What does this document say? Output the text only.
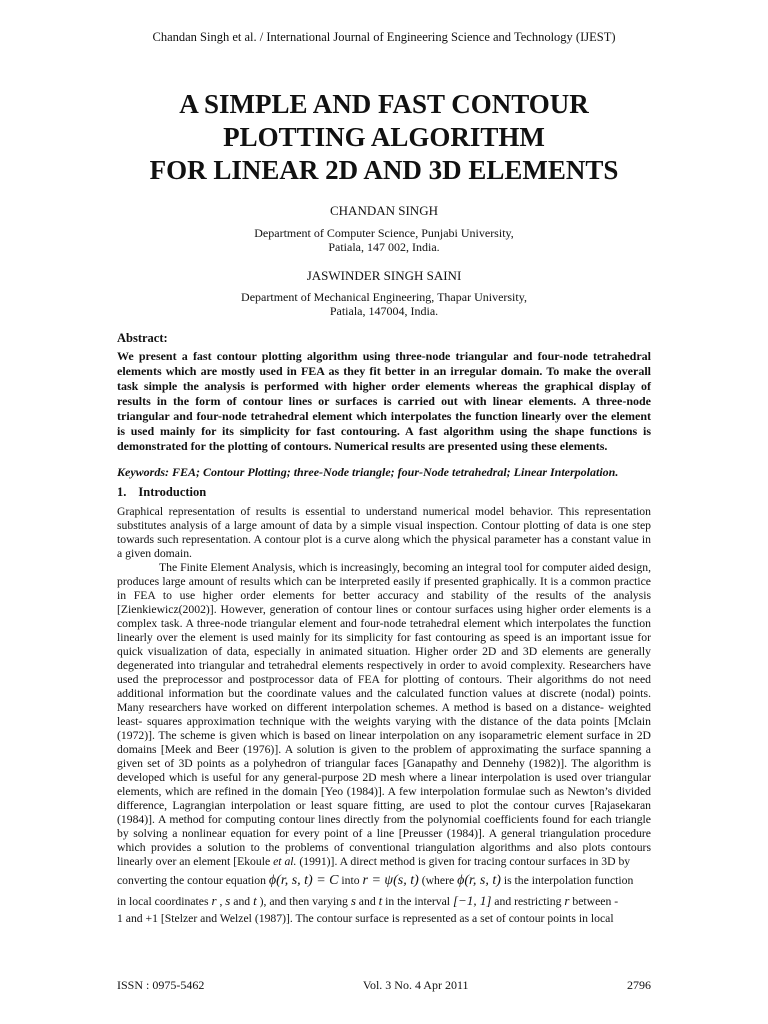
Chandan Singh et al. / International Journal of Engineering Science and Technology (IJEST)
A SIMPLE AND FAST CONTOUR
PLOTTING ALGORITHM
FOR LINEAR 2D AND 3D ELEMENTS
CHANDAN SINGH
Department of Computer Science, Punjabi University,
Patiala, 147 002, India.
JASWINDER SINGH SAINI
Department of Mechanical Engineering, Thapar University,
Patiala, 147004, India.
Abstract:
We present a fast contour plotting algorithm using three-node triangular and four-node tetrahedral elements which are mostly used in FEA as they fit better in an irregular domain. To make the overall task simple the analysis is performed with higher order elements whereas the graphical display of results in the form of contour lines or surfaces is carried out with linear elements. A three-node triangular and four-node tetrahedral element which interpolates the function linearly over the element is used mainly for its simplicity for fast contouring. A fast algorithm using the shape functions is demonstrated for the plotting of contours. Numerical results are presented using these elements.
Keywords: FEA; Contour Plotting; three-Node triangle; four-Node tetrahedral; Linear Interpolation.
1. Introduction
Graphical representation of results is essential to understand numerical model behavior. This representation substitutes analysis of a large amount of data by a simple visual inspection. Contour plotting of data is one step towards such representation. A contour plot is a curve along which the physical parameter has a constant value in a given domain.
The Finite Element Analysis, which is increasingly, becoming an integral tool for computer aided design, produces large amount of results which can be interpreted easily if presented graphically. It is a common practice in FEA to use higher order elements for better accuracy and stability of the results of the analysis [Zienkiewicz(2002)]. However, generation of contour lines or contour surfaces using higher order elements is a complex task. A three-node triangular element and four-node tetrahedral element which interpolates the function linearly over the element is used mainly for its simplicity for fast contouring as speed is an important issue for quick visualization of data, especially in animated situation. Higher order 2D and 3D elements are generally degenerated into triangular and tetrahedral elements respectively in order to avoid complexity. Researchers have used the preprocessor and postprocessor data of FEA for plotting of contours. Their algorithms do not need additional information but the coordinate values and the calculated function values at discrete (nodal) points. Many researchers have worked on different interpolation schemes. A method is based on a distance- weighted least- squares approximation technique with the weights varying with the distance of the data points [Mclain (1972)]. The scheme is given which is based on linear interpolation on any isoparametric element surface in 2D domains [Meek and Beer (1976)]. A solution is given to the problem of approximating the surface spanning a given set of 3D points as a polyhedron of triangular faces [Ganapathy and Dennehy (1982)]. The algorithm is developed which is useful for any general-purpose 2D mesh where a linear interpolation is used over triangular elements, which are refined in the domain [Yeo (1984)]. A few interpolation formulae such as Newton’s divided difference, Lagrangian interpolation or least square fitting, are used to plot the contour curves [Rajasekaran (1984)]. A method for computing contour lines directly from the polynomial coefficients found for each triangle by solving a nonlinear equation for every point of a line [Preusser (1984)]. A general triangulation procedure which provides a solution to the problems of conventional triangulation algorithms and also plots contours linearly over an element [Ekoule et al. (1991)]. A direct method is given for tracing contour surfaces in 3D by
converting the contour equation ϕ(r, s, t) = C into r = ψ(s, t) (where ϕ(r, s, t) is the interpolation function
in local coordinates r , s and t ), and then varying s and t in the interval [−1, 1] and restricting r between -
1 and +1 [Stelzer and Welzel (1987)]. The contour surface is represented as a set of contour points in local
ISSN : 0975-5462	Vol. 3 No. 4 Apr 2011	2796
